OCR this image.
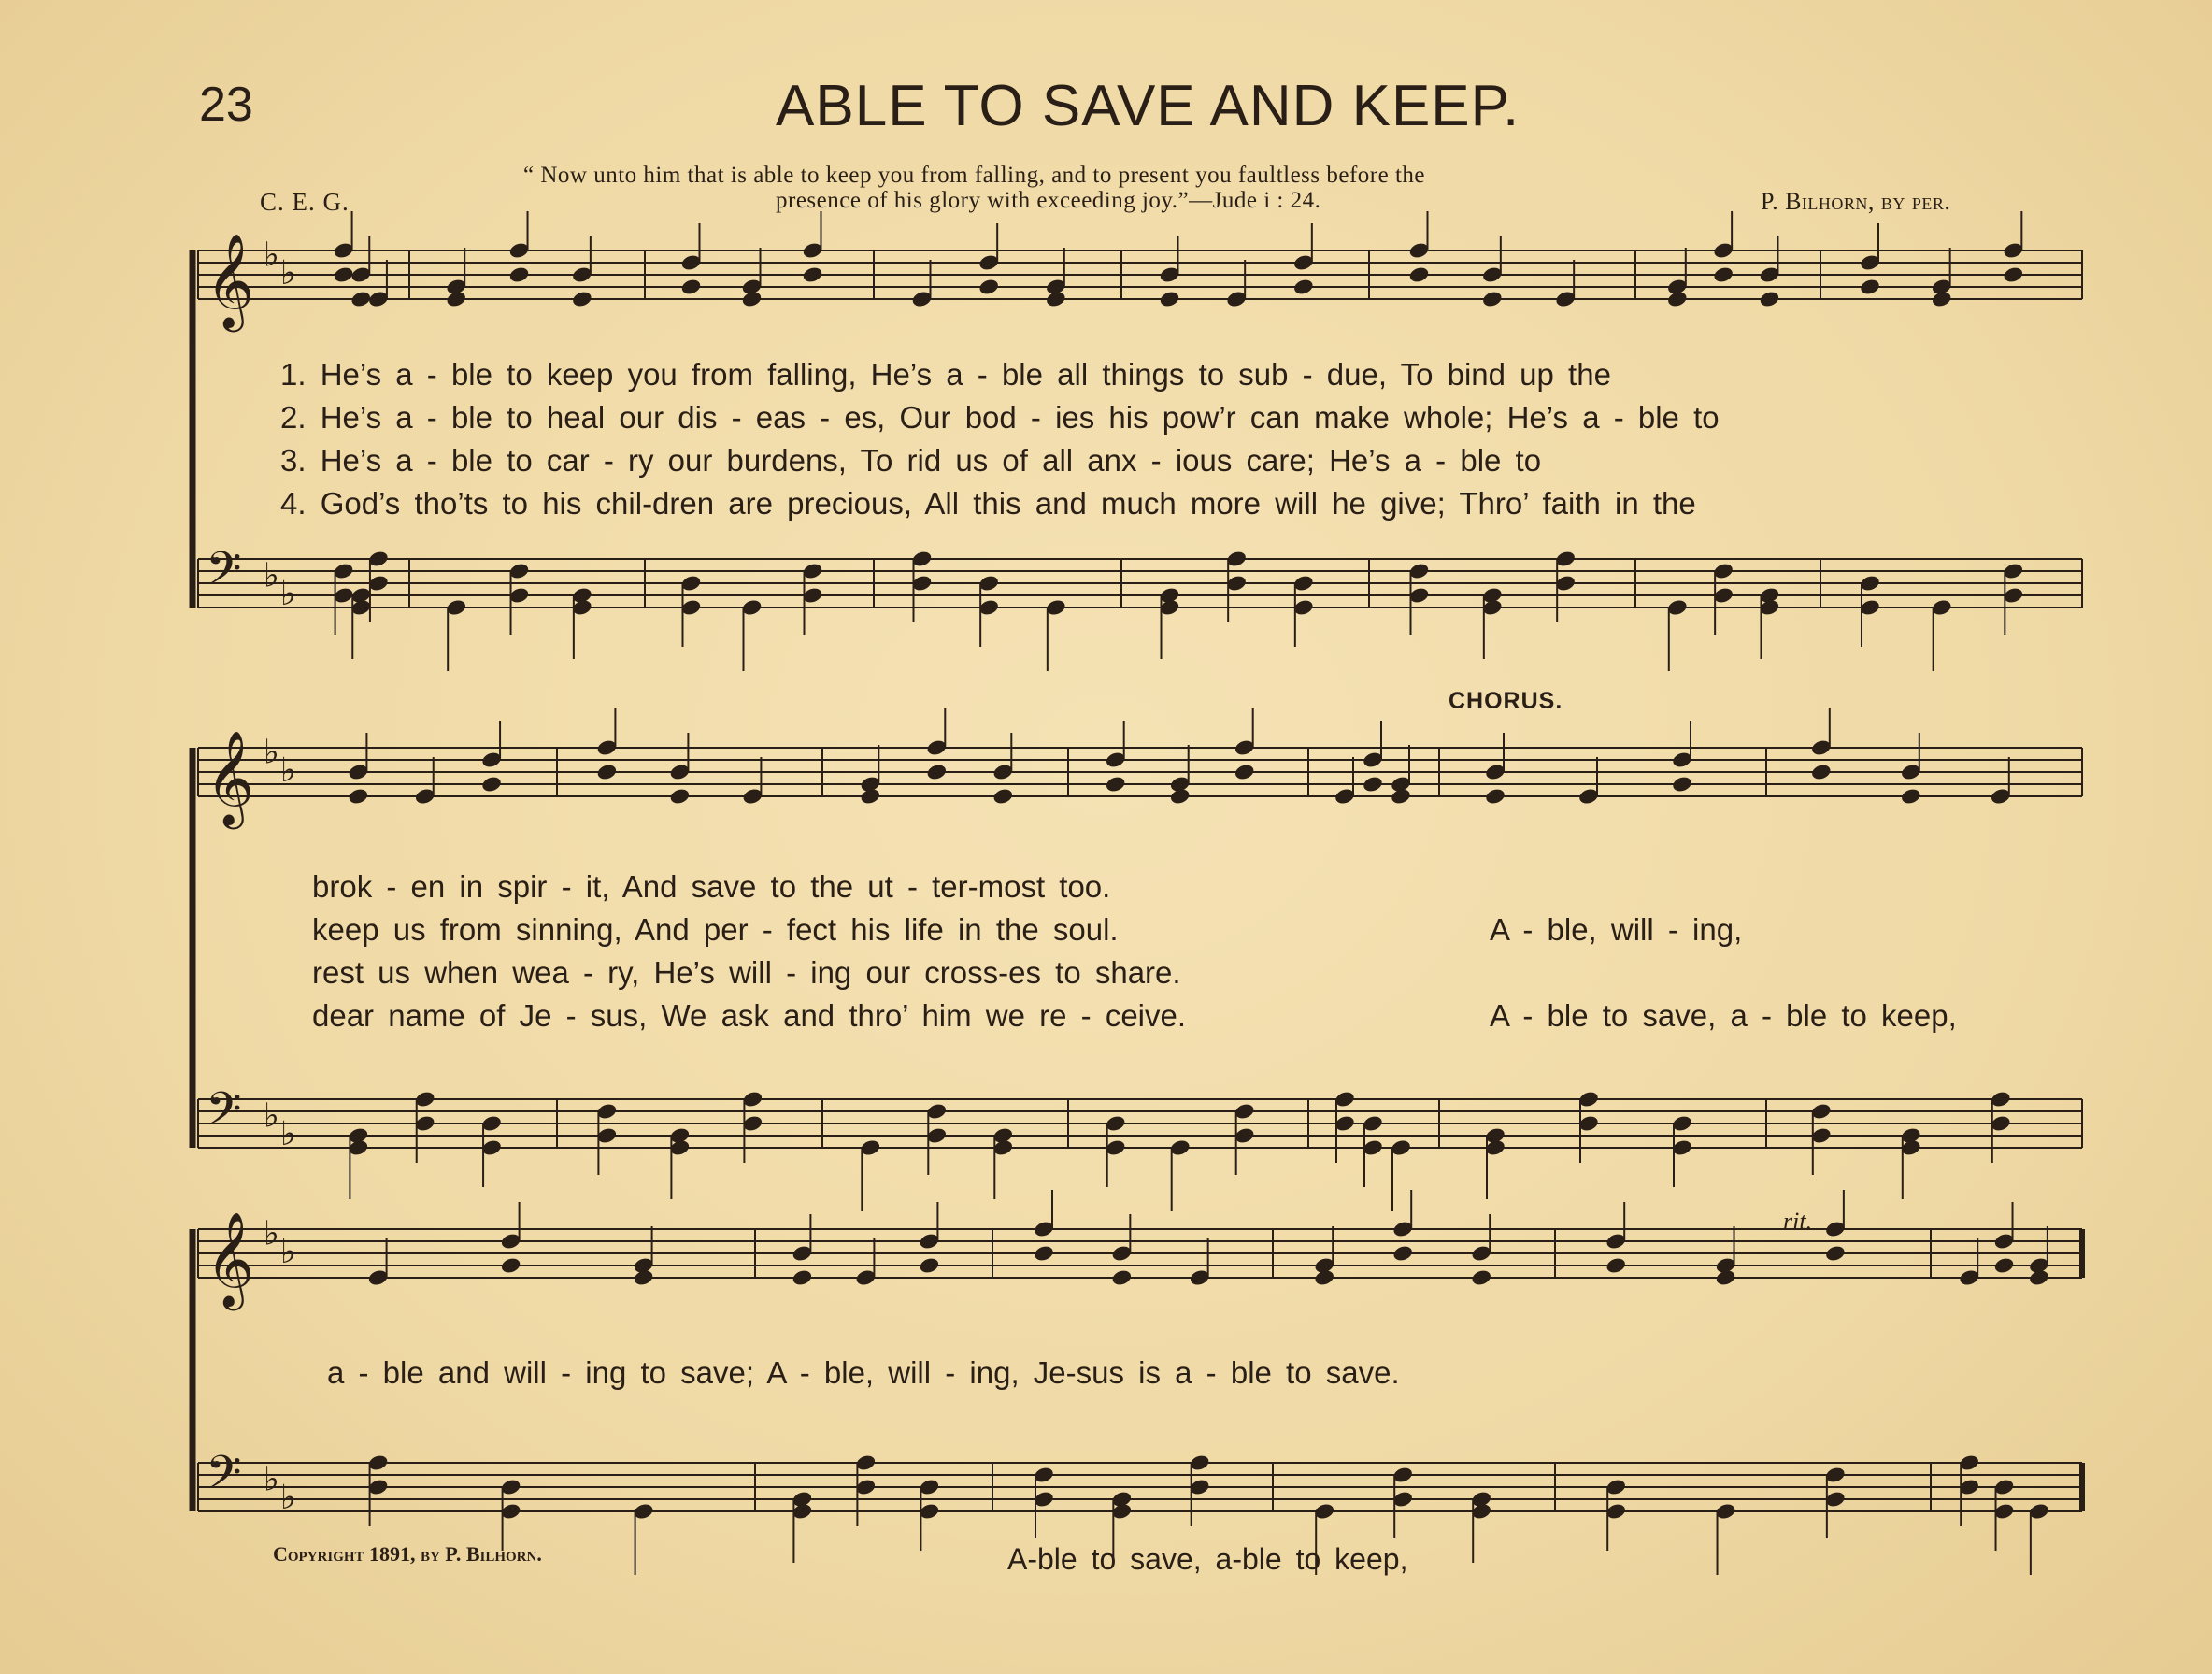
23	ABLE TO SAVE AND KEEP.
“ Now unto him that is able to keep you from falling, and to present you faultless before the
presence of his glory with exceeding joy.”—Jude i : 24.
C. E. G.	P. Bilhorn, by per.
CHORUS.
rit.
1. He’s a - ble to keep you from falling, He’s a - ble all things to sub - due, To bind up the
2. He’s a - ble to heal our dis - eas - es, Our bod - ies his pow’r can make whole; He’s a - ble to
3. He’s a - ble to car - ry our burdens, To rid us of all anx - ious care; He’s a - ble to
4. God’s tho’ts to his chil-dren are precious, All this and much more will he give; Thro’ faith in the
brok - en in spir - it, And save to the ut - ter-most too.
keep us from sinning, And per - fect his life in the soul.
rest us when wea - ry, He’s will - ing our cross-es to share.
dear name of Je - sus, We ask and thro’ him we re - ceive.
A - ble, will - ing,
A - ble to save, a - ble to keep,
a - ble and will - ing to save; A - ble, will - ing, Je-sus is a - ble to save.
Copyright 1891, by P. Bilhorn.	A-ble to save, a-ble to keep,
𝄞 ♭ ♭
𝄢 ♭ ♭
𝄞 ♭ ♭
𝄢 ♭ ♭
𝄞 ♭ ♭
𝄢 ♭ ♭
